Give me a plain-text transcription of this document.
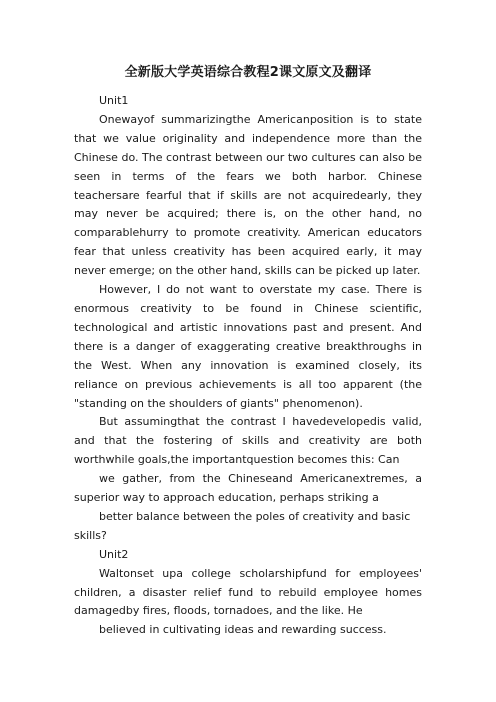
全新版大学英语综合教程2课文原文及翻译

Unit1

Onewayof summarizingthe Americanposition is to state that we value originality and independence more than the Chinese do. The contrast between our two cultures can also be seen in terms of the fears we both harbor. Chinese teachersare fearful that if skills are not acquiredearly, they may never be acquired; there is, on the other hand, no comparablehurry to promote creativity. American educators fear that unless creativity has been acquired early, it may never emerge; on the other hand, skills can be picked up later.

However, I do not want to overstate my case. There is enormous creativity to be found in Chinese scientific, technological and artistic innovations past and present. And there is a danger of exaggerating creative breakthroughs in the West. When any innovation is examined closely, its reliance on previous achievements is all too apparent (the "standing on the shoulders of giants" phenomenon).

But assumingthat the contrast I havedevelopedis valid, and that the fostering of skills and creativity are both worthwhile goals,the importantquestion becomes this: Can

we gather, from the Chineseand Americanextremes, a superior way to approach education, perhaps striking a

better balance between the poles of creativity and basic skills?

Unit2

Waltonset upa college scholarshipfund for employees' children, a disaster relief fund to rebuild employee homes damagedby fires, floods, tornadoes, and the like. He

believed in cultivating ideas and rewarding success.
